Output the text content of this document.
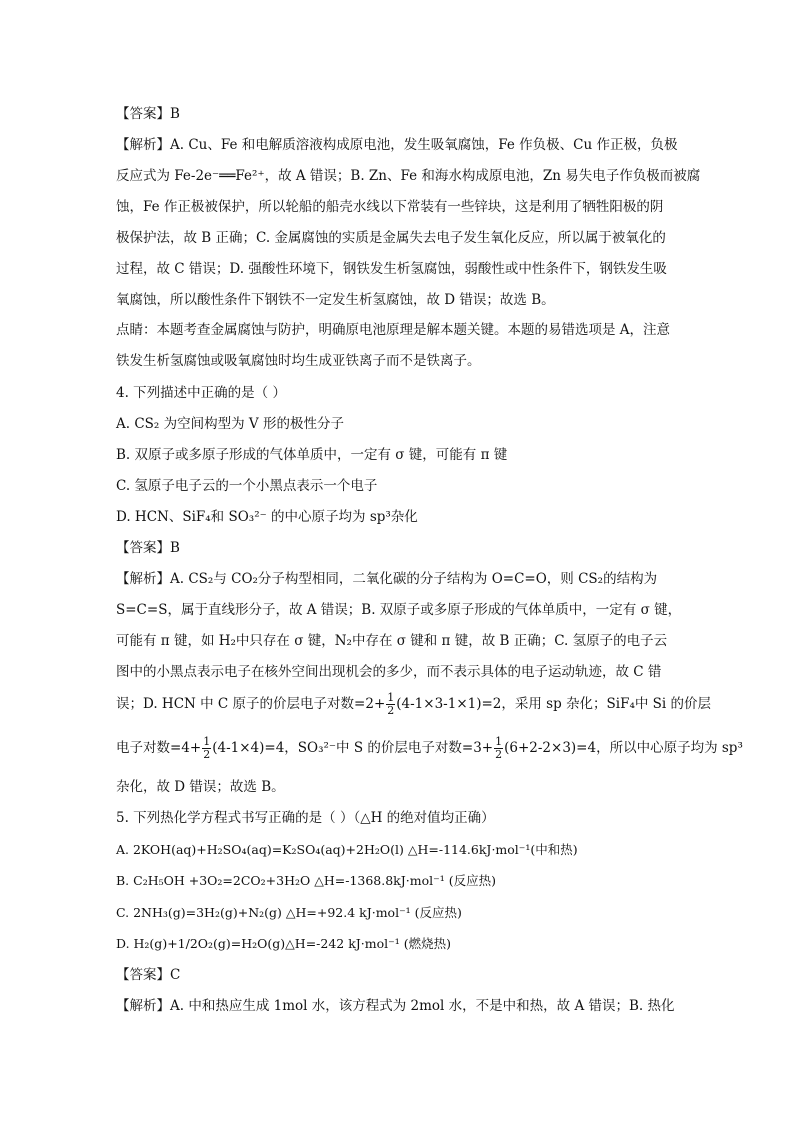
【答案】B
【解析】A. Cu、Fe 和电解质溶液构成原电池，发生吸氧腐蚀，Fe 作负极、Cu 作正极，负极
反应式为 Fe-2e⁻══Fe²⁺，故 A 错误；B. Zn、Fe 和海水构成原电池，Zn 易失电子作负极而被腐
蚀，Fe 作正极被保护，所以轮船的船壳水线以下常装有一些锌块，这是利用了牺牲阳极的阴
极保护法，故 B 正确；C. 金属腐蚀的实质是金属失去电子发生氧化反应，所以属于被氧化的
过程，故 C 错误；D. 强酸性环境下，钢铁发生析氢腐蚀，弱酸性或中性条件下，钢铁发生吸
氧腐蚀，所以酸性条件下钢铁不一定发生析氢腐蚀，故 D 错误；故选 B。
点睛：本题考查金属腐蚀与防护，明确原电池原理是解本题关键。本题的易错选项是 A，注意
铁发生析氢腐蚀或吸氧腐蚀时均生成亚铁离子而不是铁离子。
4. 下列描述中正确的是（ ）
A. CS₂ 为空间构型为 V 形的极性分子
B. 双原子或多原子形成的气体单质中，一定有 σ 键，可能有 π 键
C. 氢原子电子云的一个小黑点表示一个电子
D. HCN、SiF₄和 SO₃²⁻ 的中心原子均为 sp³杂化
【答案】B
【解析】A. CS₂与 CO₂分子构型相同，二氧化碳的分子结构为 O=C=O，则 CS₂的结构为
S=C=S，属于直线形分子，故 A 错误；B. 双原子或多原子形成的气体单质中，一定有 σ 键，
可能有 π 键，如 H₂中只存在 σ 键，N₂中存在 σ 键和 π 键，故 B 正确；C. 氢原子的电子云
图中的小黑点表示电子在核外空间出现机会的多少，而不表示具体的电子运动轨迹，故 C 错
误；D. HCN 中 C 原子的价层电子对数$=2+ \frac{1}{2} (4-1\times 3-1\times 1)=2$，采用 sp 杂化；SiF₄中 Si 的价层
电子对数$=4+ \frac{1}{2} (4-1\times 4)=4$，SO₃²⁻中 S 的价层电子对数$=3+ \frac{1}{2} (6+2-2\times 3)=4$，所以中心原子均为 sp³
杂化，故 D 错误；故选 B。
5. 下列热化学方程式书写正确的是（ ）（△H 的绝对值均正确）
A. 2KOH(aq)+H₂SO₄(aq)=K₂SO₄(aq)+2H₂O(l) △H=-114.6kJ·mol⁻¹(中和热)
B. C₂H₅OH +3O₂=2CO₂+3H₂O △H=-1368.8kJ·mol⁻¹ (反应热)
C. 2NH₃(g)=3H₂(g)+N₂(g) △H=+92.4 kJ·mol⁻¹ (反应热)
D. H₂(g)+1/2O₂(g)=H₂O(g)△H=-242 kJ·mol⁻¹ (燃烧热)
【答案】C
【解析】A. 中和热应生成 1mol 水，该方程式为 2mol 水，不是中和热，故 A 错误；B. 热化
